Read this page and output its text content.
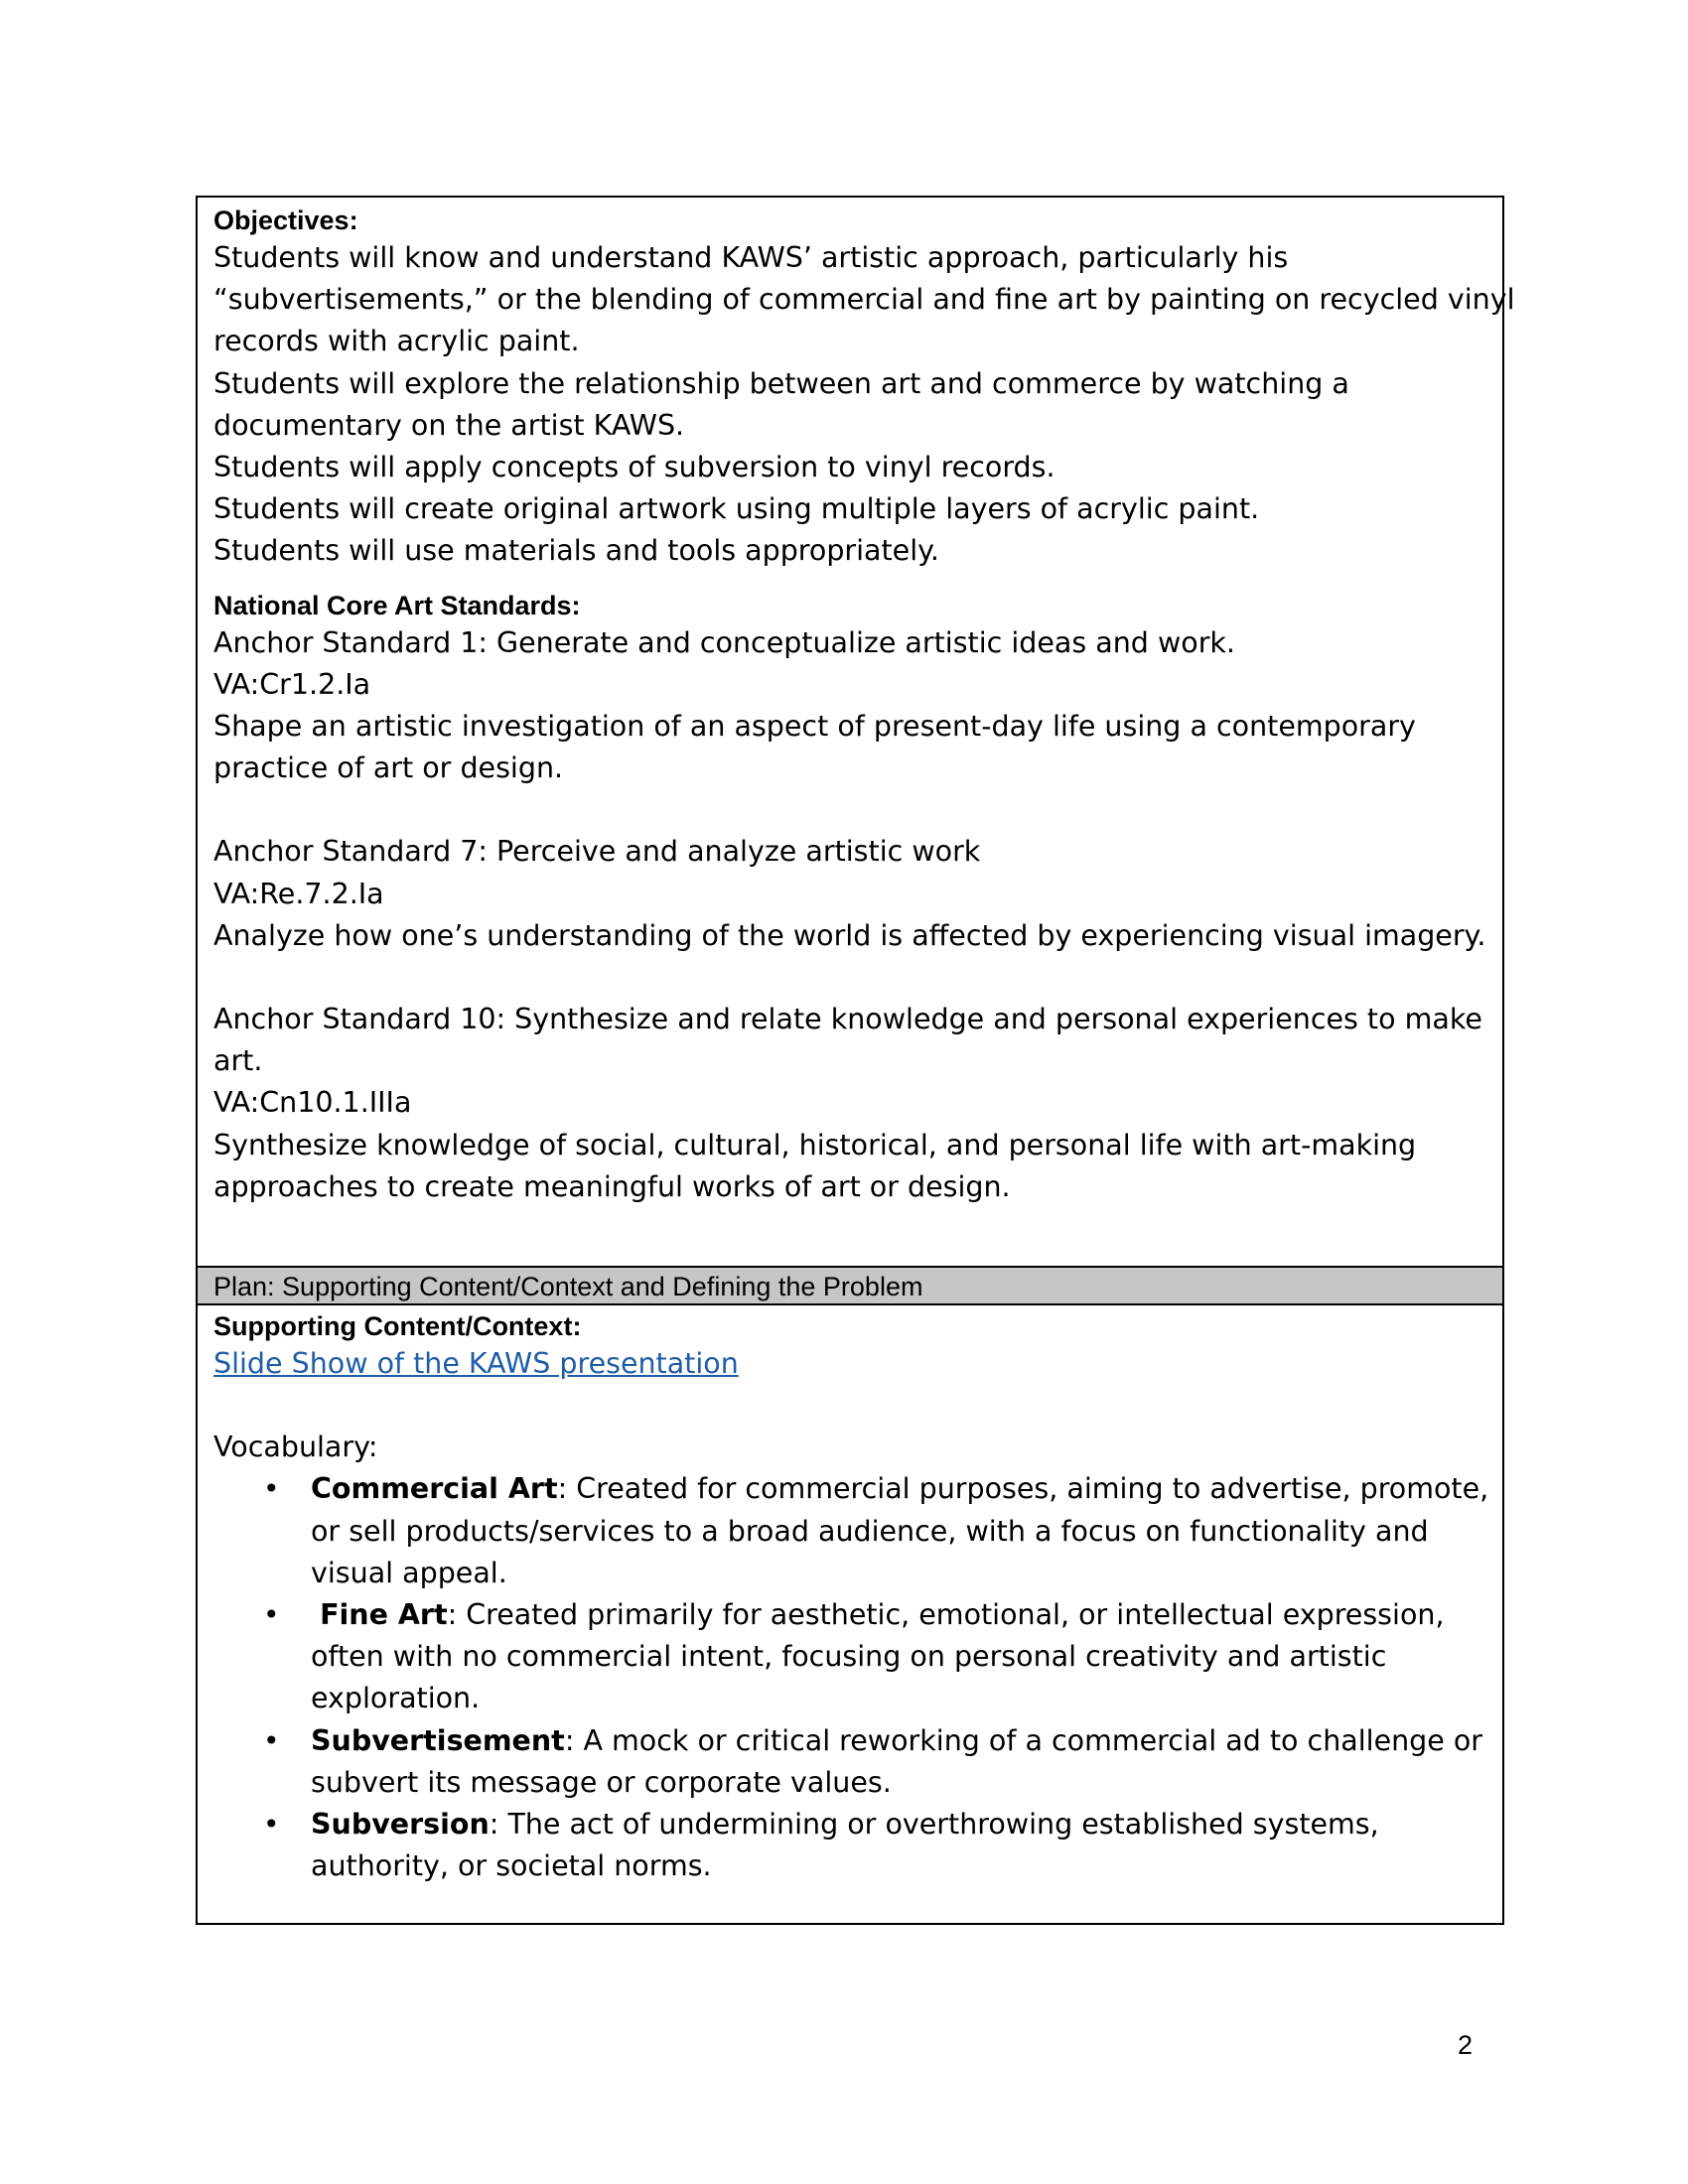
Objectives:
Students will know and understand KAWS’ artistic approach, particularly his
“subvertisements,” or the blending of commercial and fine art by painting on recycled vinyl
records with acrylic paint.
Students will explore the relationship between art and commerce by watching a
documentary on the artist KAWS.
Students will apply concepts of subversion to vinyl records.
Students will create original artwork using multiple layers of acrylic paint.
Students will use materials and tools appropriately.
National Core Art Standards:
Anchor Standard 1: Generate and conceptualize artistic ideas and work.
VA:Cr1.2.Ia
Shape an artistic investigation of an aspect of present-day life using a contemporary
practice of art or design.
Anchor Standard 7: Perceive and analyze artistic work
VA:Re.7.2.Ia
Analyze how one’s understanding of the world is affected by experiencing visual imagery.
Anchor Standard 10: Synthesize and relate knowledge and personal experiences to make
art.
VA:Cn10.1.IIIa
Synthesize knowledge of social, cultural, historical, and personal life with art-making
approaches to create meaningful works of art or design.
Plan: Supporting Content/Context and Defining the Problem
Supporting Content/Context:
Slide Show of the KAWS presentation
Vocabulary:
• Commercial Art: Created for commercial purposes, aiming to advertise, promote,
or sell products/services to a broad audience, with a focus on functionality and
visual appeal.
•	Fine Art: Created primarily for aesthetic, emotional, or intellectual expression,
often with no commercial intent, focusing on personal creativity and artistic
exploration.
• Subvertisement: A mock or critical reworking of a commercial ad to challenge or
subvert its message or corporate values.
• Subversion: The act of undermining or overthrowing established systems,
authority, or societal norms.
2
